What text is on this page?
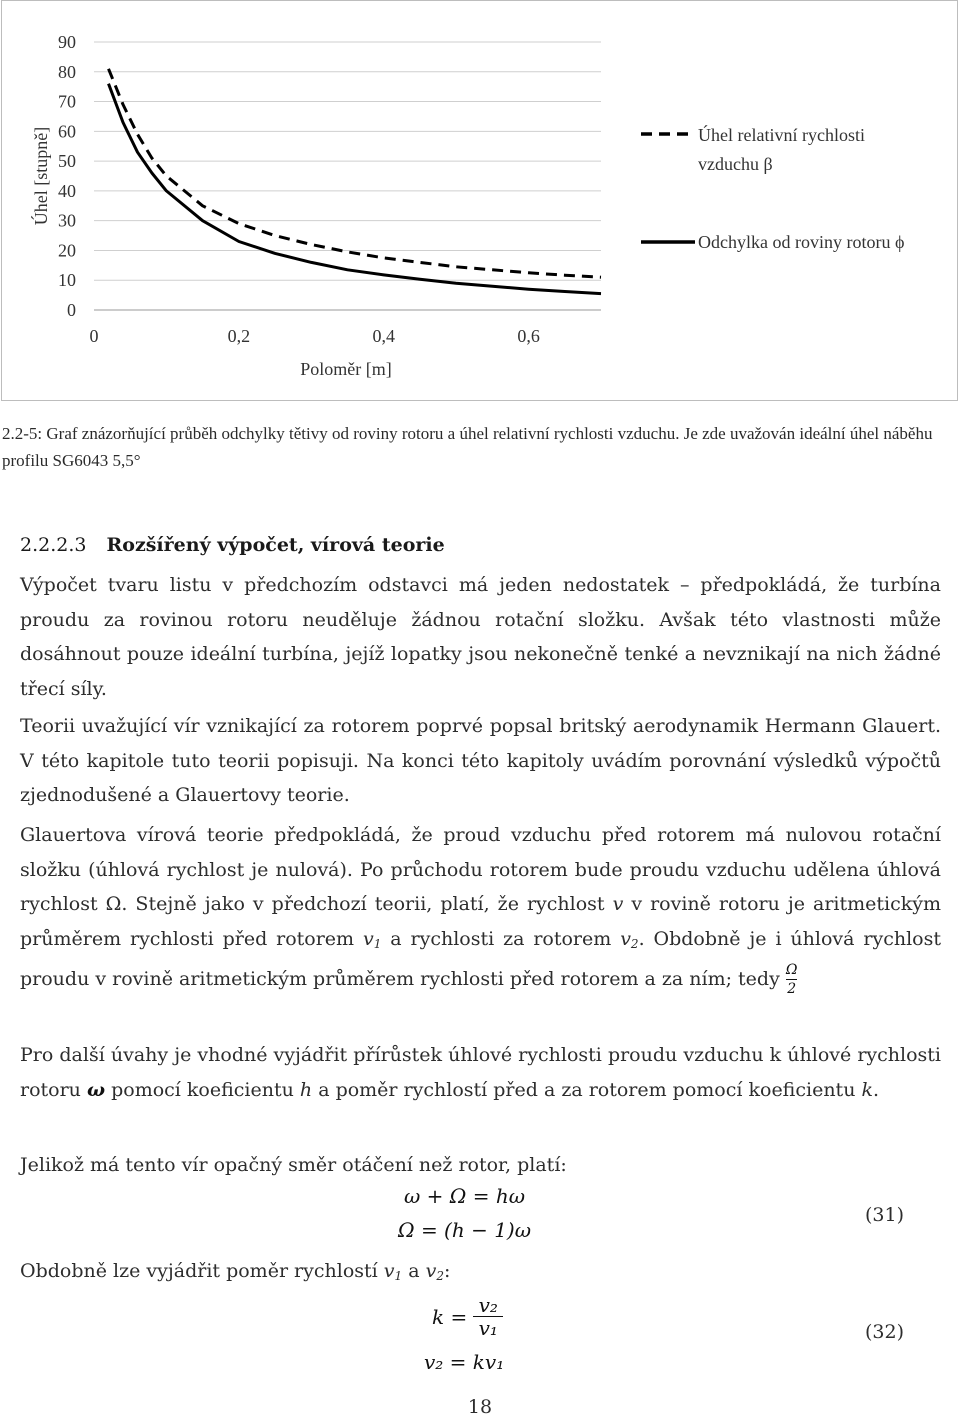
0
10
20
30
40
50
60
70
80
90
0	0,2	0,4	0,6
Úhel [stupně]
Poloměr [m]
Úhel relativní rychlosti vzduchu β
Odchylka od roviny rotoru ϕ
2.2-5: Graf znázorňující průběh odchylky tětivy od roviny rotoru a úhel relativní rychlosti vzduchu. Je zde uvažován ideální úhel náběhu profilu SG6043 5,5°
2.2.2.3 Rozšířený výpočet, vírová teorie
Výpočet tvaru listu v předchozím odstavci má jeden nedostatek – předpokládá, že turbína proudu za rovinou rotoru neuděluje žádnou rotační složku. Avšak této vlastnosti může dosáhnout pouze ideální turbína, jejíž lopatky jsou nekonečně tenké a nevznikají na nich žádné třecí síly.
Teorii uvažující vír vznikající za rotorem poprvé popsal britský aerodynamik Hermann Glauert. V této kapitole tuto teorii popisuji. Na konci této kapitoly uvádím porovnání výsledků výpočtů zjednodušené a Glauertovy teorie.
Glauertova vírová teorie předpokládá, že proud vzduchu před rotorem má nulovou rotační složku (úhlová rychlost je nulová). Po průchodu rotorem bude proudu vzduchu udělena úhlová rychlost Ω. Stejně jako v předchozí teorii, platí, že rychlost v v rovině rotoru je aritmetickým průměrem rychlosti před rotorem $v_1$ a rychlosti za rotorem $v_2$. Obdobně je i úhlová rychlost proudu v rovině aritmetickým průměrem rychlosti před rotorem a za ním; tedy $\frac{\Omega}{2}$
Pro další úvahy je vhodné vyjádřit přírůstek úhlové rychlosti proudu vzduchu k úhlové rychlosti rotoru ω pomocí koeficientu h a poměr rychlostí před a za rotorem pomocí koeficientu k.
Jelikož má tento vír opačný směr otáčení než rotor, platí:
ω + Ω = hω
Ω = (h − 1)ω
(31)
Obdobně lze vyjádřit poměr rychlostí $v_1$ a $v_2$:
k = v₂
v₁
v₂ = kv₁
(32)
18
